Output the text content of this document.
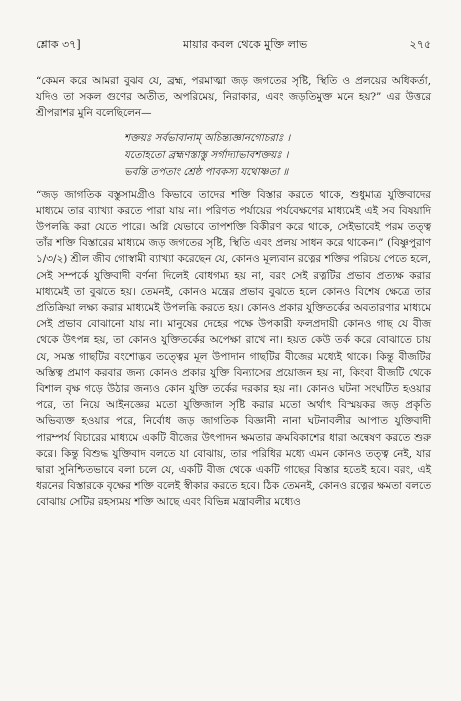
শ্লোক ৩৭]	মায়ার কবল থেকে মুক্তি লাভ	২৭৫

“কেমন করে আমরা বুঝব যে, ব্রহ্ম, পরমাত্মা জড় জগতের সৃষ্টি, স্থিতি ও প্রলয়ের অধিকর্তা, যদিও তা সকল গুণের অতীত, অপরিমেয়, নিরাকার, এবং জড়তিমুক্ত মনে হয়?” এর উত্তরে শ্রীপরাশর মুনি বলেছিলেন—

শক্তয়ঃ সর্বভাবানাম্ অচিন্ত্যজ্ঞানগোচরাঃ ।
যতোহতো ব্রহ্মণস্তাস্তু সর্গাদ্যাভাবশক্তয়ঃ ।
ভবন্তি তপতাং শ্রেষ্ঠ পাবকস্য যথোষ্ণতা ॥

“জড় জাগতিক বস্তুসামগ্রীও কিভাবে তাদের শক্তি বিস্তার করতে থাকে, শুধুমাত্র যুক্তিবাদের মাধ্যমে তার ব্যাখ্যা করতে পারা যায় না। পরিণত পর্যায়ের পর্যবেক্ষণের মাধ্যমেই এই সব বিষয়াদি উপলব্ধি করা যেতে পারে। অগ্নি যেভাবে তাপশক্তি বিকীরণ করে থাকে, সেইভাবেই পরম তত্ত্ব তাঁর শক্তি বিস্তারের মাধ্যমে জড় জগতের সৃষ্টি, স্থিতি এবং প্রলয় সাধন করে থাকেন।” (বিষ্ণুপুরাণ ১/৩/২) শ্রীল জীব গোস্বামী ব্যাখ্যা করেছেন যে, কোনও মূল্যবান রত্নের শক্তির পরিচয় পেতে হলে, সেই সম্পর্কে যুক্তিবাদী বর্ণনা দিলেই বোধগম্য হয় না, বরং সেই রত্নটির প্রভাব প্রত্যক্ষ করার মাধ্যমেই তা বুঝতে হয়। তেমনই, কোনও মন্ত্রের প্রভাব বুঝতে হলে কোনও বিশেষ ক্ষেত্রে তার প্রতিক্রিয়া লক্ষ্য করার মাধ্যমেই উপলব্ধি করতে হয়। কোনও প্রকার যুক্তিতর্কের অবতারণার মাধ্যমে সেই প্রভাব বোঝানো যায় না। মানুষের দেহের পক্ষে উপকারী ফলপ্রদায়ী কোনও গাছ যে বীজ থেকে উৎপন্ন হয়, তা কোনও যুক্তিতর্কের অপেক্ষা রাখে না। হয়ত কেউ তর্ক করে বোঝাতে চায় যে, সমস্ত গাছটির বংশোদ্ভব তত্ত্বের মূল উপাদান গাছটির বীজের মধ্যেই থাকে। কিন্তু বীজটির অস্তিত্ব প্রমাণ করবার জন্য কোনও প্রকার যুক্তি বিন্যাসের প্রয়োজন হয় না, কিংবা বীজটি থেকে বিশাল বৃক্ষ গড়ে উঠার জন্যও কোন যুক্তি তর্কের দরকার হয় না। কোনও ঘটনা সংঘটিত হওয়ার পরে, তা নিয়ে আইনজ্ঞের মতো যুক্তিজাল সৃষ্টি করার মতো অর্থাৎ বিস্ময়কর জড় প্রকৃতি অভিব্যক্ত হওয়ার পরে, নির্বোধ জড় জাগতিক বিজ্ঞানী নানা ঘটনাবলীর আপাত যুক্তিবাদী পারম্পর্য বিচারের মাধ্যমে একটি বীজের উৎপাদন ক্ষমতার ক্রমবিকাশের ধারা অন্বেষণ করতে শুরু করে। কিন্তু বিশুদ্ধ যুক্তিবাদ বলতে যা বোঝায়, তার পরিধির মধ্যে এমন কোনও তত্ত্ব নেই, যার দ্বারা সুনিশ্চিতভাবে বলা চলে যে, একটি বীজ থেকে একটি গাছের বিস্তার হতেই হবে। বরং, এই ধরনের বিস্তারকে বৃক্ষের শক্তি বলেই স্বীকার করতে হবে। ঠিক তেমনই, কোনও রত্নের ক্ষমতা বলতে বোঝায় সেটির রহস্যময় শক্তি আছে এবং বিভিন্ন মন্ত্রাবলীর মধ্যেও
